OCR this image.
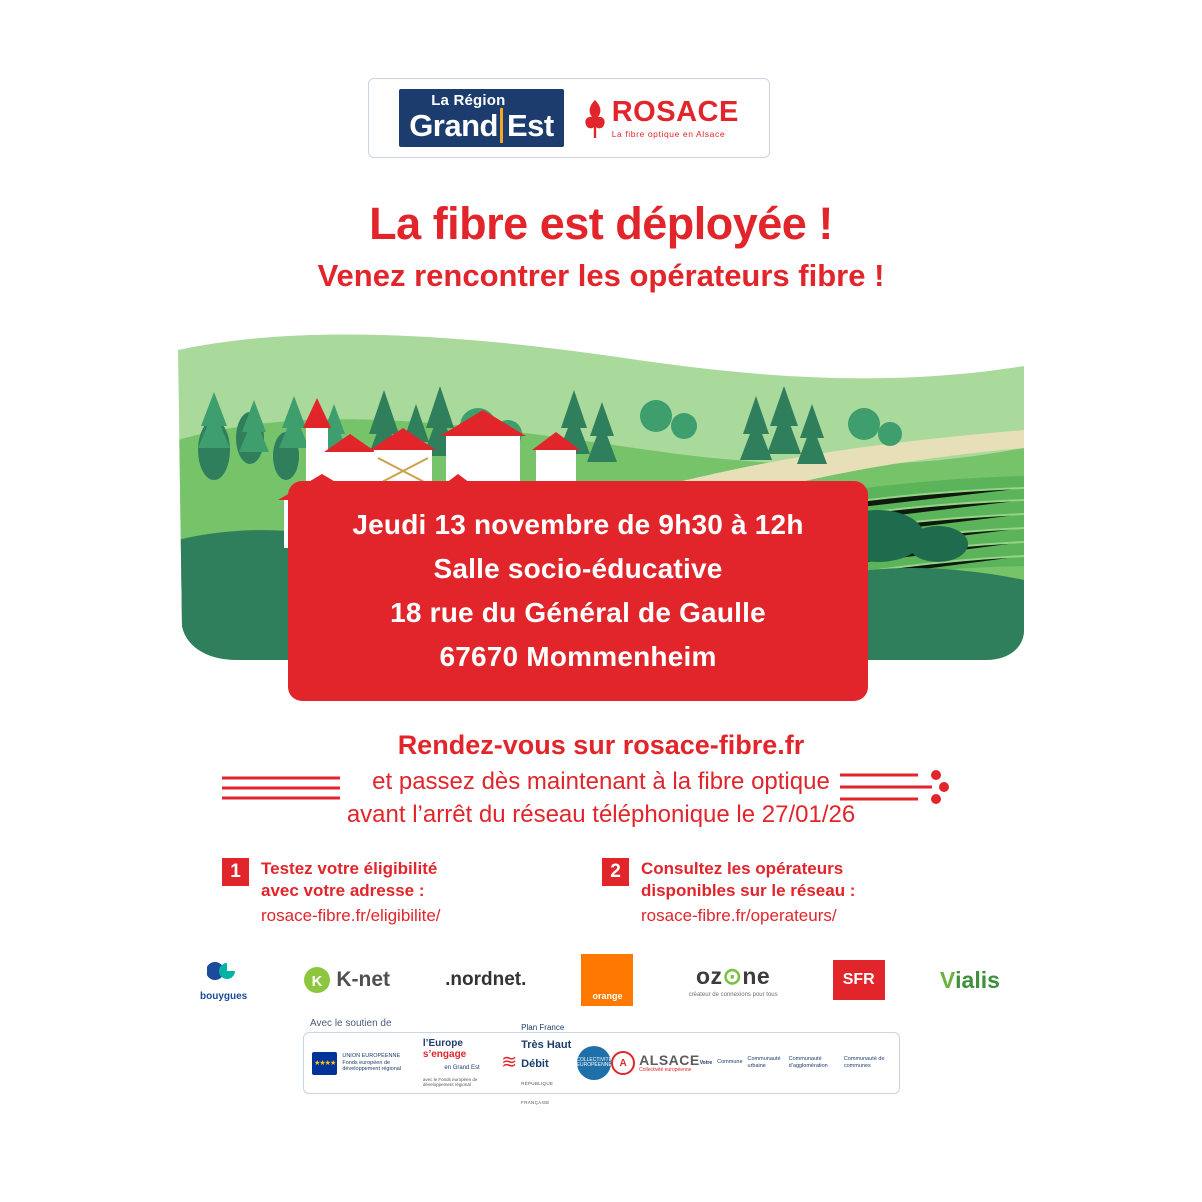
La Région
Grand Est ROSACE
La fibre optique en Alsace
La fibre est déployée !
Venez rencontrer les opérateurs fibre !
Jeudi 13 novembre de 9h30 à 12h
Salle socio-éducative
18 rue du Général de Gaulle
67670 Mommenheim
Rendez-vous sur rosace-fibre.fr
et passez dès maintenant à la fibre optique
avant l’arrêt du réseau téléphonique le 27/01/26
1	Testez votre éligibilité
avec votre adresse :
rosace-fibre.fr/eligibilite/
2	Consultez les opérateurs
disponibles sur le réseau :
rosace-fibre.fr/operateurs/
bouygues
K K-net	.nordnet.
orange
oz⊙ne
créateur de connexions pour tous
SFR	V ialis
Avec le soutien de
★★★★
UNION EUROPÉENNE
Fonds européen de développement régional
l’Europe s’engage
en Grand Est
avec le Fonds européen de développement régional
≋
Plan France
Très Haut Débit
RÉPUBLIQUE FRANÇAISE
COLLECTIVITÉ EUROPÉENNE A ALSACE
Collectivité européenne
Votre Commune
Communauté urbaine
Communauté d’agglomération
Communauté de communes
